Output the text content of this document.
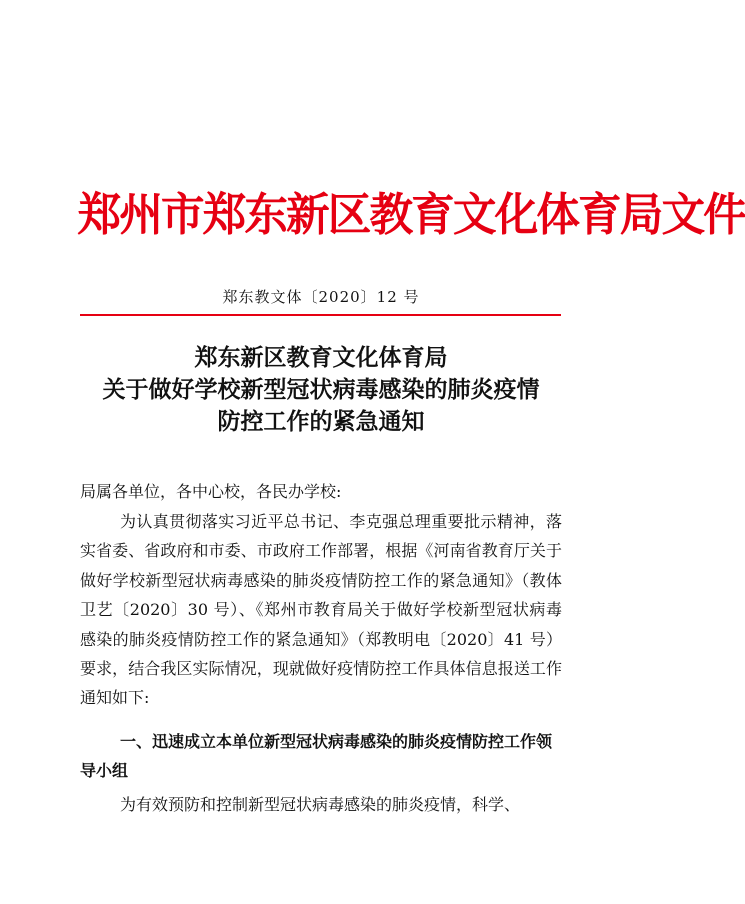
郑州市郑东新区教育文化体育局文件
郑东教文体〔2020〕12 号
郑东新区教育文化体育局
关于做好学校新型冠状病毒感染的肺炎疫情
防控工作的紧急通知
局属各单位，各中心校，各民办学校:
为认真贯彻落实习近平总书记、李克强总理重要批示精神，落实省委、省政府和市委、市政府工作部署，根据《河南省教育厅关于做好学校新型冠状病毒感染的肺炎疫情防控工作的紧急通知》（教体卫艺〔2020〕30 号）、《郑州市教育局关于做好学校新型冠状病毒感染的肺炎疫情防控工作的紧急通知》（郑教明电〔2020〕41 号）要求，结合我区实际情况，现就做好疫情防控工作具体信息报送工作通知如下:
一、迅速成立本单位新型冠状病毒感染的肺炎疫情防控工作领导小组
为有效预防和控制新型冠状病毒感染的肺炎疫情，科学、
